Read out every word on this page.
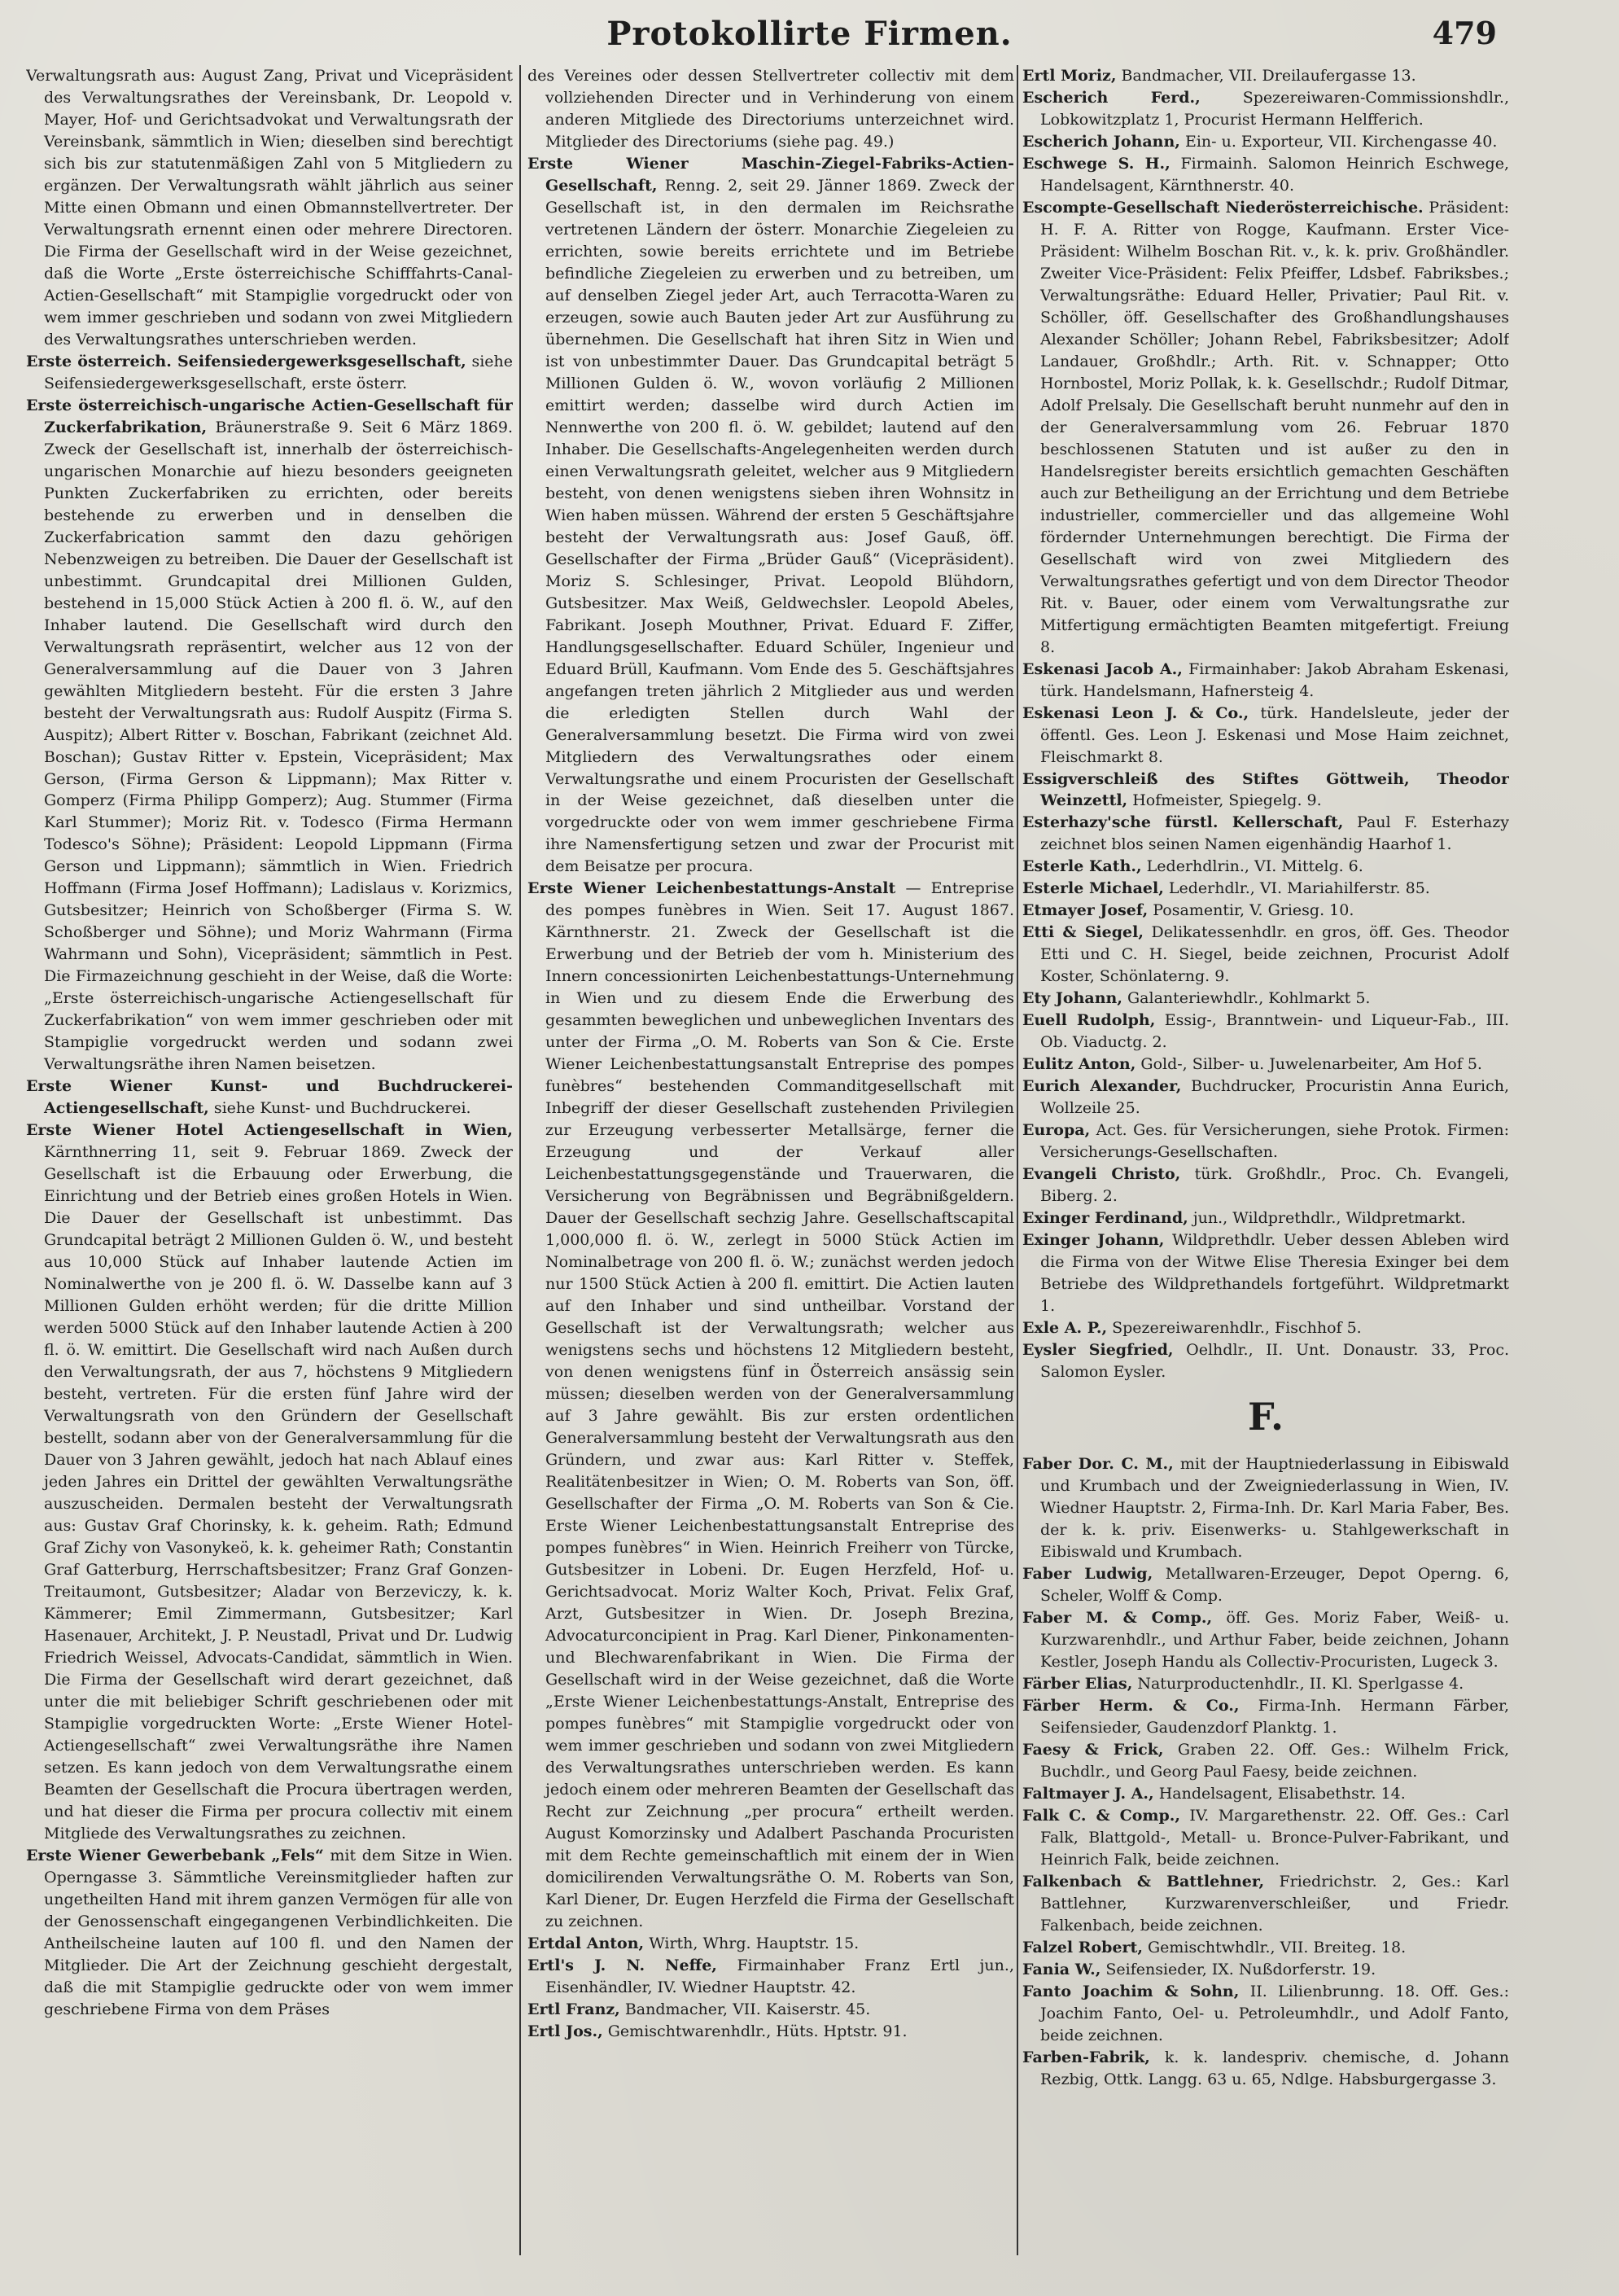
Protokollirte Firmen.	479

Verwaltungsrath aus: August Zang, Privat und Vicepräsident des Verwaltungsrathes der Vereinsbank, Dr. Leopold v. Mayer, Hof- und Gerichtsadvokat und Verwaltungsrath der Vereinsbank, sämmtlich in Wien; dieselben sind berechtigt sich bis zur statutenmäßigen Zahl von 5 Mitgliedern zu ergänzen. Der Verwaltungsrath wählt jährlich aus seiner Mitte einen Obmann und einen Obmannstellvertreter. Der Verwaltungsrath ernennt einen oder mehrere Directoren. Die Firma der Gesellschaft wird in der Weise gezeichnet, daß die Worte „Erste österreichische Schifffahrts-Canal-Actien-Gesellschaft“ mit Stampiglie vorgedruckt oder von wem immer geschrieben und sodann von zwei Mitgliedern des Verwaltungsrathes unterschrieben werden.

Erste österreich. Seifensiedergewerksgesellschaft, siehe Seifensiedergewerksgesellschaft, erste österr.

Erste österreichisch-ungarische Actien-Gesellschaft für Zuckerfabrikation, Bräunerstraße 9. Seit 6 März 1869. Zweck der Gesellschaft ist, innerhalb der österreichisch-ungarischen Monarchie auf hiezu besonders geeigneten Punkten Zuckerfabriken zu errichten, oder bereits bestehende zu erwerben und in denselben die Zuckerfabrication sammt den dazu gehörigen Nebenzweigen zu betreiben. Die Dauer der Gesellschaft ist unbestimmt. Grundcapital drei Millionen Gulden, bestehend in 15,000 Stück Actien à 200 fl. ö. W., auf den Inhaber lautend. Die Gesellschaft wird durch den Verwaltungsrath repräsentirt, welcher aus 12 von der Generalversammlung auf die Dauer von 3 Jahren gewählten Mitgliedern besteht. Für die ersten 3 Jahre besteht der Verwaltungsrath aus: Rudolf Auspitz (Firma S. Auspitz); Albert Ritter v. Boschan, Fabrikant (zeichnet Ald. Boschan); Gustav Ritter v. Epstein, Vicepräsident; Max Gerson, (Firma Gerson & Lippmann); Max Ritter v. Gomperz (Firma Philipp Gomperz); Aug. Stummer (Firma Karl Stummer); Moriz Rit. v. Todesco (Firma Hermann Todesco's Söhne); Präsident: Leopold Lippmann (Firma Gerson und Lippmann); sämmtlich in Wien. Friedrich Hoffmann (Firma Josef Hoffmann); Ladislaus v. Korizmics, Gutsbesitzer; Heinrich von Schoßberger (Firma S. W. Schoßberger und Söhne); und Moriz Wahrmann (Firma Wahrmann und Sohn), Vicepräsident; sämmtlich in Pest. Die Firmazeichnung geschieht in der Weise, daß die Worte: „Erste österreichisch-ungarische Actiengesellschaft für Zuckerfabrikation“ von wem immer geschrieben oder mit Stampiglie vorgedruckt werden und sodann zwei Verwaltungsräthe ihren Namen beisetzen.

Erste Wiener Kunst- und Buchdruckerei-Actiengesellschaft, siehe Kunst- und Buchdruckerei.

Erste Wiener Hotel Actiengesellschaft in Wien, Kärnthnerring 11, seit 9. Februar 1869. Zweck der Gesellschaft ist die Erbauung oder Erwerbung, die Einrichtung und der Betrieb eines großen Hotels in Wien. Die Dauer der Gesellschaft ist unbestimmt. Das Grundcapital beträgt 2 Millionen Gulden ö. W., und besteht aus 10,000 Stück auf Inhaber lautende Actien im Nominalwerthe von je 200 fl. ö. W. Dasselbe kann auf 3 Millionen Gulden erhöht werden; für die dritte Million werden 5000 Stück auf den Inhaber lautende Actien à 200 fl. ö. W. emittirt. Die Gesellschaft wird nach Außen durch den Verwaltungsrath, der aus 7, höchstens 9 Mitgliedern besteht, vertreten. Für die ersten fünf Jahre wird der Verwaltungsrath von den Gründern der Gesellschaft bestellt, sodann aber von der Generalversammlung für die Dauer von 3 Jahren gewählt, jedoch hat nach Ablauf eines jeden Jahres ein Drittel der gewählten Verwaltungsräthe auszuscheiden. Dermalen besteht der Verwaltungsrath aus: Gustav Graf Chorinsky, k. k. geheim. Rath; Edmund Graf Zichy von Vasonykeö, k. k. geheimer Rath; Constantin Graf Gatterburg, Herrschaftsbesitzer; Franz Graf Gonzen-Treitaumont, Gutsbesitzer; Aladar von Berzeviczy, k. k. Kämmerer; Emil Zimmermann, Gutsbesitzer; Karl Hasenauer, Architekt, J. P. Neustadl, Privat und Dr. Ludwig Friedrich Weissel, Advocats-Candidat, sämmtlich in Wien. Die Firma der Gesellschaft wird derart gezeichnet, daß unter die mit beliebiger Schrift geschriebenen oder mit Stampiglie vorgedruckten Worte: „Erste Wiener Hotel-Actiengesellschaft“ zwei Verwaltungsräthe ihre Namen setzen. Es kann jedoch von dem Verwaltungsrathe einem Beamten der Gesellschaft die Procura übertragen werden, und hat dieser die Firma per procura collectiv mit einem Mitgliede des Verwaltungsrathes zu zeichnen.

Erste Wiener Gewerbebank „Fels“ mit dem Sitze in Wien. Operngasse 3. Sämmtliche Vereinsmitglieder haften zur ungetheilten Hand mit ihrem ganzen Vermögen für alle von der Genossenschaft eingegangenen Verbindlichkeiten. Die Antheilscheine lauten auf 100 fl. und den Namen der Mitglieder. Die Art der Zeichnung geschieht dergestalt, daß die mit Stampiglie gedruckte oder von wem immer geschriebene Firma von dem Präses

des Vereines oder dessen Stellvertreter collectiv mit dem vollziehenden Directer und in Verhinderung von einem anderen Mitgliede des Directoriums unterzeichnet wird. Mitglieder des Directoriums (siehe pag. 49.)

Erste Wiener Maschin-Ziegel-Fabriks-Actien-Gesellschaft, Renng. 2, seit 29. Jänner 1869. Zweck der Gesellschaft ist, in den dermalen im Reichsrathe vertretenen Ländern der österr. Monarchie Ziegeleien zu errichten, sowie bereits errichtete und im Betriebe befindliche Ziegeleien zu erwerben und zu betreiben, um auf denselben Ziegel jeder Art, auch Terracotta-Waren zu erzeugen, sowie auch Bauten jeder Art zur Ausführung zu übernehmen. Die Gesellschaft hat ihren Sitz in Wien und ist von unbestimmter Dauer. Das Grundcapital beträgt 5 Millionen Gulden ö. W., wovon vorläufig 2 Millionen emittirt werden; dasselbe wird durch Actien im Nennwerthe von 200 fl. ö. W. gebildet; lautend auf den Inhaber. Die Gesellschafts-Angelegenheiten werden durch einen Verwaltungsrath geleitet, welcher aus 9 Mitgliedern besteht, von denen wenigstens sieben ihren Wohnsitz in Wien haben müssen. Während der ersten 5 Geschäftsjahre besteht der Verwaltungsrath aus: Josef Gauß, öff. Gesellschafter der Firma „Brüder Gauß“ (Vicepräsident). Moriz S. Schlesinger, Privat. Leopold Blühdorn, Gutsbesitzer. Max Weiß, Geldwechsler. Leopold Abeles, Fabrikant. Joseph Mouthner, Privat. Eduard F. Ziffer, Handlungsgesellschafter. Eduard Schüler, Ingenieur und Eduard Brüll, Kaufmann. Vom Ende des 5. Geschäftsjahres angefangen treten jährlich 2 Mitglieder aus und werden die erledigten Stellen durch Wahl der Generalversammlung besetzt. Die Firma wird von zwei Mitgliedern des Verwaltungsrathes oder einem Verwaltungsrathe und einem Procuristen der Gesellschaft in der Weise gezeichnet, daß dieselben unter die vorgedruckte oder von wem immer geschriebene Firma ihre Namensfertigung setzen und zwar der Procurist mit dem Beisatze per procura.

Erste Wiener Leichenbestattungs-Anstalt — Entreprise des pompes funèbres in Wien. Seit 17. August 1867. Kärnthnerstr. 21. Zweck der Gesellschaft ist die Erwerbung und der Betrieb der vom h. Ministerium des Innern concessionirten Leichenbestattungs-Unternehmung in Wien und zu diesem Ende die Erwerbung des gesammten beweglichen und unbeweglichen Inventars des unter der Firma „O. M. Roberts van Son & Cie. Erste Wiener Leichenbestattungsanstalt Entreprise des pompes funèbres“ bestehenden Commanditgesellschaft mit Inbegriff der dieser Gesellschaft zustehenden Privilegien zur Erzeugung verbesserter Metallsärge, ferner die Erzeugung und der Verkauf aller Leichenbestattungsgegenstände und Trauerwaren, die Versicherung von Begräbnissen und Begräbnißgeldern. Dauer der Gesellschaft sechzig Jahre. Gesellschaftscapital 1,000,000 fl. ö. W., zerlegt in 5000 Stück Actien im Nominalbetrage von 200 fl. ö. W.; zunächst werden jedoch nur 1500 Stück Actien à 200 fl. emittirt. Die Actien lauten auf den Inhaber und sind untheilbar. Vorstand der Gesellschaft ist der Verwaltungsrath; welcher aus wenigstens sechs und höchstens 12 Mitgliedern besteht, von denen wenigstens fünf in Österreich ansässig sein müssen; dieselben werden von der Generalversammlung auf 3 Jahre gewählt. Bis zur ersten ordentlichen Generalversammlung besteht der Verwaltungsrath aus den Gründern, und zwar aus: Karl Ritter v. Steffek, Realitätenbesitzer in Wien; O. M. Roberts van Son, öff. Gesellschafter der Firma „O. M. Roberts van Son & Cie. Erste Wiener Leichenbestattungsanstalt Entreprise des pompes funèbres“ in Wien. Heinrich Freiherr von Türcke, Gutsbesitzer in Lobeni. Dr. Eugen Herzfeld, Hof- u. Gerichtsadvocat. Moriz Walter Koch, Privat. Felix Graf, Arzt, Gutsbesitzer in Wien. Dr. Joseph Brezina, Advocaturconcipient in Prag. Karl Diener, Pinkonamenten- und Blechwarenfabrikant in Wien. Die Firma der Gesellschaft wird in der Weise gezeichnet, daß die Worte „Erste Wiener Leichenbestattungs-Anstalt, Entreprise des pompes funèbres“ mit Stampiglie vorgedruckt oder von wem immer geschrieben und sodann von zwei Mitgliedern des Verwaltungsrathes unterschrieben werden. Es kann jedoch einem oder mehreren Beamten der Gesellschaft das Recht zur Zeichnung „per procura“ ertheilt werden. August Komorzinsky und Adalbert Paschanda Procuristen mit dem Rechte gemeinschaftlich mit einem der in Wien domicilirenden Verwaltungsräthe O. M. Roberts van Son, Karl Diener, Dr. Eugen Herzfeld die Firma der Gesellschaft zu zeichnen.

Ertdal Anton, Wirth, Whrg. Hauptstr. 15.

Ertl's J. N. Neffe, Firmainhaber Franz Ertl jun., Eisenhändler, IV. Wiedner Hauptstr. 42.

Ertl Franz, Bandmacher, VII. Kaiserstr. 45.

Ertl Jos., Gemischtwarenhdlr., Hüts. Hptstr. 91.

Ertl Moriz, Bandmacher, VII. Dreilaufergasse 13.

Escherich Ferd.,	Spezereiwaren-Commissionshdlr., Lobkowitzplatz 1, Procurist Hermann Helfferich.

Escherich Johann, Ein- u. Exporteur, VII. Kirchengasse 40.

Eschwege S. H., Firmainh. Salomon Heinrich Eschwege, Handelsagent, Kärnthnerstr. 40.

Escompte-Gesellschaft Niederösterreichische. Präsident: H. F. A. Ritter von Rogge, Kaufmann. Erster Vice-Präsident: Wilhelm Boschan Rit. v., k. k. priv. Großhändler. Zweiter Vice-Präsident: Felix Pfeiffer, Ldsbef. Fabriksbes.; Verwaltungsräthe: Eduard Heller, Privatier; Paul Rit. v. Schöller, öff. Gesellschafter des Großhandlungshauses Alexander Schöller; Johann Rebel, Fabriksbesitzer; Adolf Landauer, Großhdlr.; Arth. Rit. v. Schnapper; Otto Hornbostel, Moriz Pollak, k. k. Gesellschdr.; Rudolf Ditmar, Adolf Prelsaly. Die Gesellschaft beruht nunmehr auf den in der Generalversammlung vom 26. Februar 1870 beschlossenen Statuten und ist außer zu den in Handelsregister bereits ersichtlich gemachten Geschäften auch zur Betheiligung an der Errichtung und dem Betriebe industrieller, commercieller und das allgemeine Wohl fördernder Unternehmungen berechtigt. Die Firma der Gesellschaft wird von zwei Mitgliedern des Verwaltungsrathes gefertigt und von dem Director Theodor Rit. v. Bauer, oder einem vom Verwaltungsrathe zur Mitfertigung ermächtigten Beamten mitgefertigt. Freiung 8.

Eskenasi Jacob A., Firmainhaber: Jakob Abraham Eskenasi, türk. Handelsmann, Hafnersteig 4.

Eskenasi Leon J. & Co., türk. Handelsleute, jeder der öffentl. Ges. Leon J. Eskenasi und Mose Haim zeichnet, Fleischmarkt 8.

Essigverschleiß des Stiftes Göttweih, Theodor Weinzettl, Hofmeister, Spiegelg. 9.

Esterhazy'sche fürstl. Kellerschaft, Paul F. Esterhazy zeichnet blos seinen Namen eigenhändig Haarhof 1.

Esterle Kath., Lederhdlrin., VI. Mittelg. 6.

Esterle Michael, Lederhdlr., VI. Mariahilferstr. 85.

Etmayer Josef, Posamentir, V. Griesg. 10.

Etti & Siegel, Delikatessenhdlr. en gros, öff. Ges. Theodor Etti und C. H. Siegel, beide zeichnen, Procurist Adolf Koster, Schönlaterng. 9.

Ety Johann, Galanteriewhdlr., Kohlmarkt 5.

Euell Rudolph, Essig-, Branntwein- und Liqueur-Fab., III. Ob. Viaductg. 2.

Eulitz Anton, Gold-, Silber- u. Juwelenarbeiter, Am Hof 5.

Eurich Alexander, Buchdrucker, Procuristin Anna Eurich, Wollzeile 25.

Europa, Act. Ges. für Versicherungen, siehe Protok. Firmen: Versicherungs-Gesellschaften.

Evangeli Christo, türk. Großhdlr., Proc. Ch. Evangeli, Biberg. 2.

Exinger Ferdinand, jun., Wildprethdlr., Wildpretmarkt.

Exinger Johann, Wildprethdlr. Ueber dessen Ableben wird die Firma von der Witwe Elise Theresia Exinger bei dem Betriebe des Wildprethandels fortgeführt. Wildpretmarkt 1.

Exle A. P., Spezereiwarenhdlr., Fischhof 5.

Eysler Siegfried, Oelhdlr., II. Unt. Donaustr. 33, Proc. Salomon Eysler.

F.

Faber Dor. C. M., mit der Hauptniederlassung in Eibiswald und Krumbach und der Zweigniederlassung in Wien, IV. Wiedner Hauptstr. 2, Firma-Inh. Dr. Karl Maria Faber, Bes. der k. k. priv. Eisenwerks- u. Stahlgewerkschaft in Eibiswald und Krumbach.

Faber Ludwig, Metallwaren-Erzeuger, Depot Operng. 6, Scheler, Wolff & Comp.

Faber M. & Comp., öff. Ges. Moriz Faber, Weiß- u. Kurzwarenhdlr., und Arthur Faber, beide zeichnen, Johann Kestler, Joseph Handu als Collectiv-Procuristen, Lugeck 3.

Färber Elias, Naturproductenhdlr., II. Kl. Sperlgasse 4.

Färber Herm. & Co., Firma-Inh. Hermann Färber, Seifensieder, Gaudenzdorf Planktg. 1.

Faesy & Frick, Graben 22. Off. Ges.: Wilhelm Frick, Buchdlr., und Georg Paul Faesy, beide zeichnen.

Faltmayer J. A., Handelsagent, Elisabethstr. 14.

Falk C. & Comp., IV. Margarethenstr. 22. Off. Ges.: Carl Falk, Blattgold-, Metall- u. Bronce-Pulver-Fabrikant, und Heinrich Falk, beide zeichnen.

Falkenbach & Battlehner, Friedrichstr. 2, Ges.: Karl Battlehner, Kurzwarenverschleißer, und Friedr. Falkenbach, beide zeichnen.

Falzel Robert, Gemischtwhdlr., VII. Breiteg. 18.

Fania W., Seifensieder, IX. Nußdorferstr. 19.

Fanto Joachim & Sohn, II. Lilienbrunng. 18. Off. Ges.: Joachim Fanto, Oel- u. Petroleumhdlr., und Adolf Fanto, beide zeichnen.

Farben-Fabrik, k. k. landespriv. chemische, d. Johann Rezbig, Ottk. Langg. 63 u. 65, Ndlge. Habsburgergasse 3.
